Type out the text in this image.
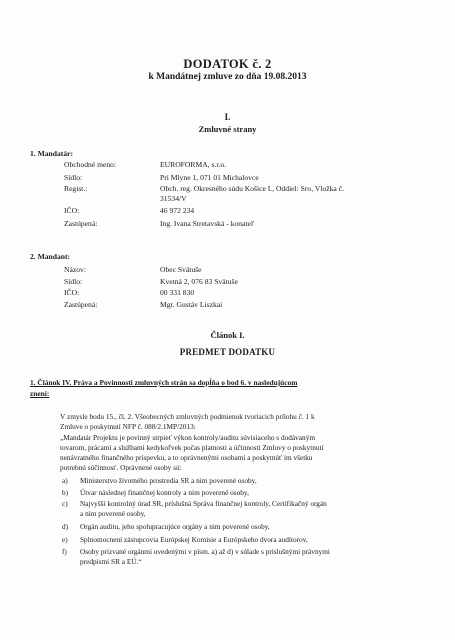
DODATOK č. 2
k Mandátnej zmluve zo dňa 19.08.2013
I.
Zmluvné strany
1. Mandatár:
Obchodné meno:	EUROFORMA, s.r.o.
Sídlo:	Pri Mlyne 1, 071 01 Michalovce
Regist.:	Obch. reg. Okresného súdu Košice I., Oddiel: Sro, Vložka č.
31534/V
IČO:	46 972 234
Zastúpená:	Ing. Ivana Stretavská - konateľ
2. Mandant:
Názov:	Obec Svätuše
Sídlo:	Kvetná 2, 076 83 Svätuše
IČO:	00 331 830
Zastúpená:	Mgr. Gustáv Liszkai
Článok I.
PREDMET DODATKU
1. Článok IV. Práva a Povinnosti zmluvných strán sa dopĺňa o bod 6. v nasledujúcom
znení:
V zmysle bodu 15., čl. 2. Všeobecných zmluvných podmienok tvoriacich prílohu č. 1 k
Zmluve o poskytnutí NFP č. 088/2.1MP/2013:
„Mandatár Projektu je povinný strpieť výkon kontroly/auditu súvisiaceho s dodávaným
tovarom, prácami a službami kedykoľvek počas platnosti a účinnosti Zmluvy o poskytnutí
nenávratného finančného príspevku, a to oprávnenými osobami a poskytnúť im všetku
potrebnú súčinnosť. Oprávnené osoby sú:
a) Ministerstvo životného prostredia SR a nim poverené osoby,
b) Útvar následnej finančnej kontroly a nim poverené osoby,
c) Najvyšší kontrolný úrad SR, príslušná Správa finančnej kontroly, Certifikačný orgán
a nim poverené osoby,
d) Orgán auditu, jeho spolupracujúce orgány a nim poverené osoby,
e) Splnomocnení zástupcovia Európskej Komisie a Európskeho dvora audítorov,
f) Osoby prizvané orgánmi uvedenými v písm. a) až d) v súlade s príslušnými právnymi
predpismi SR a EÚ.“
